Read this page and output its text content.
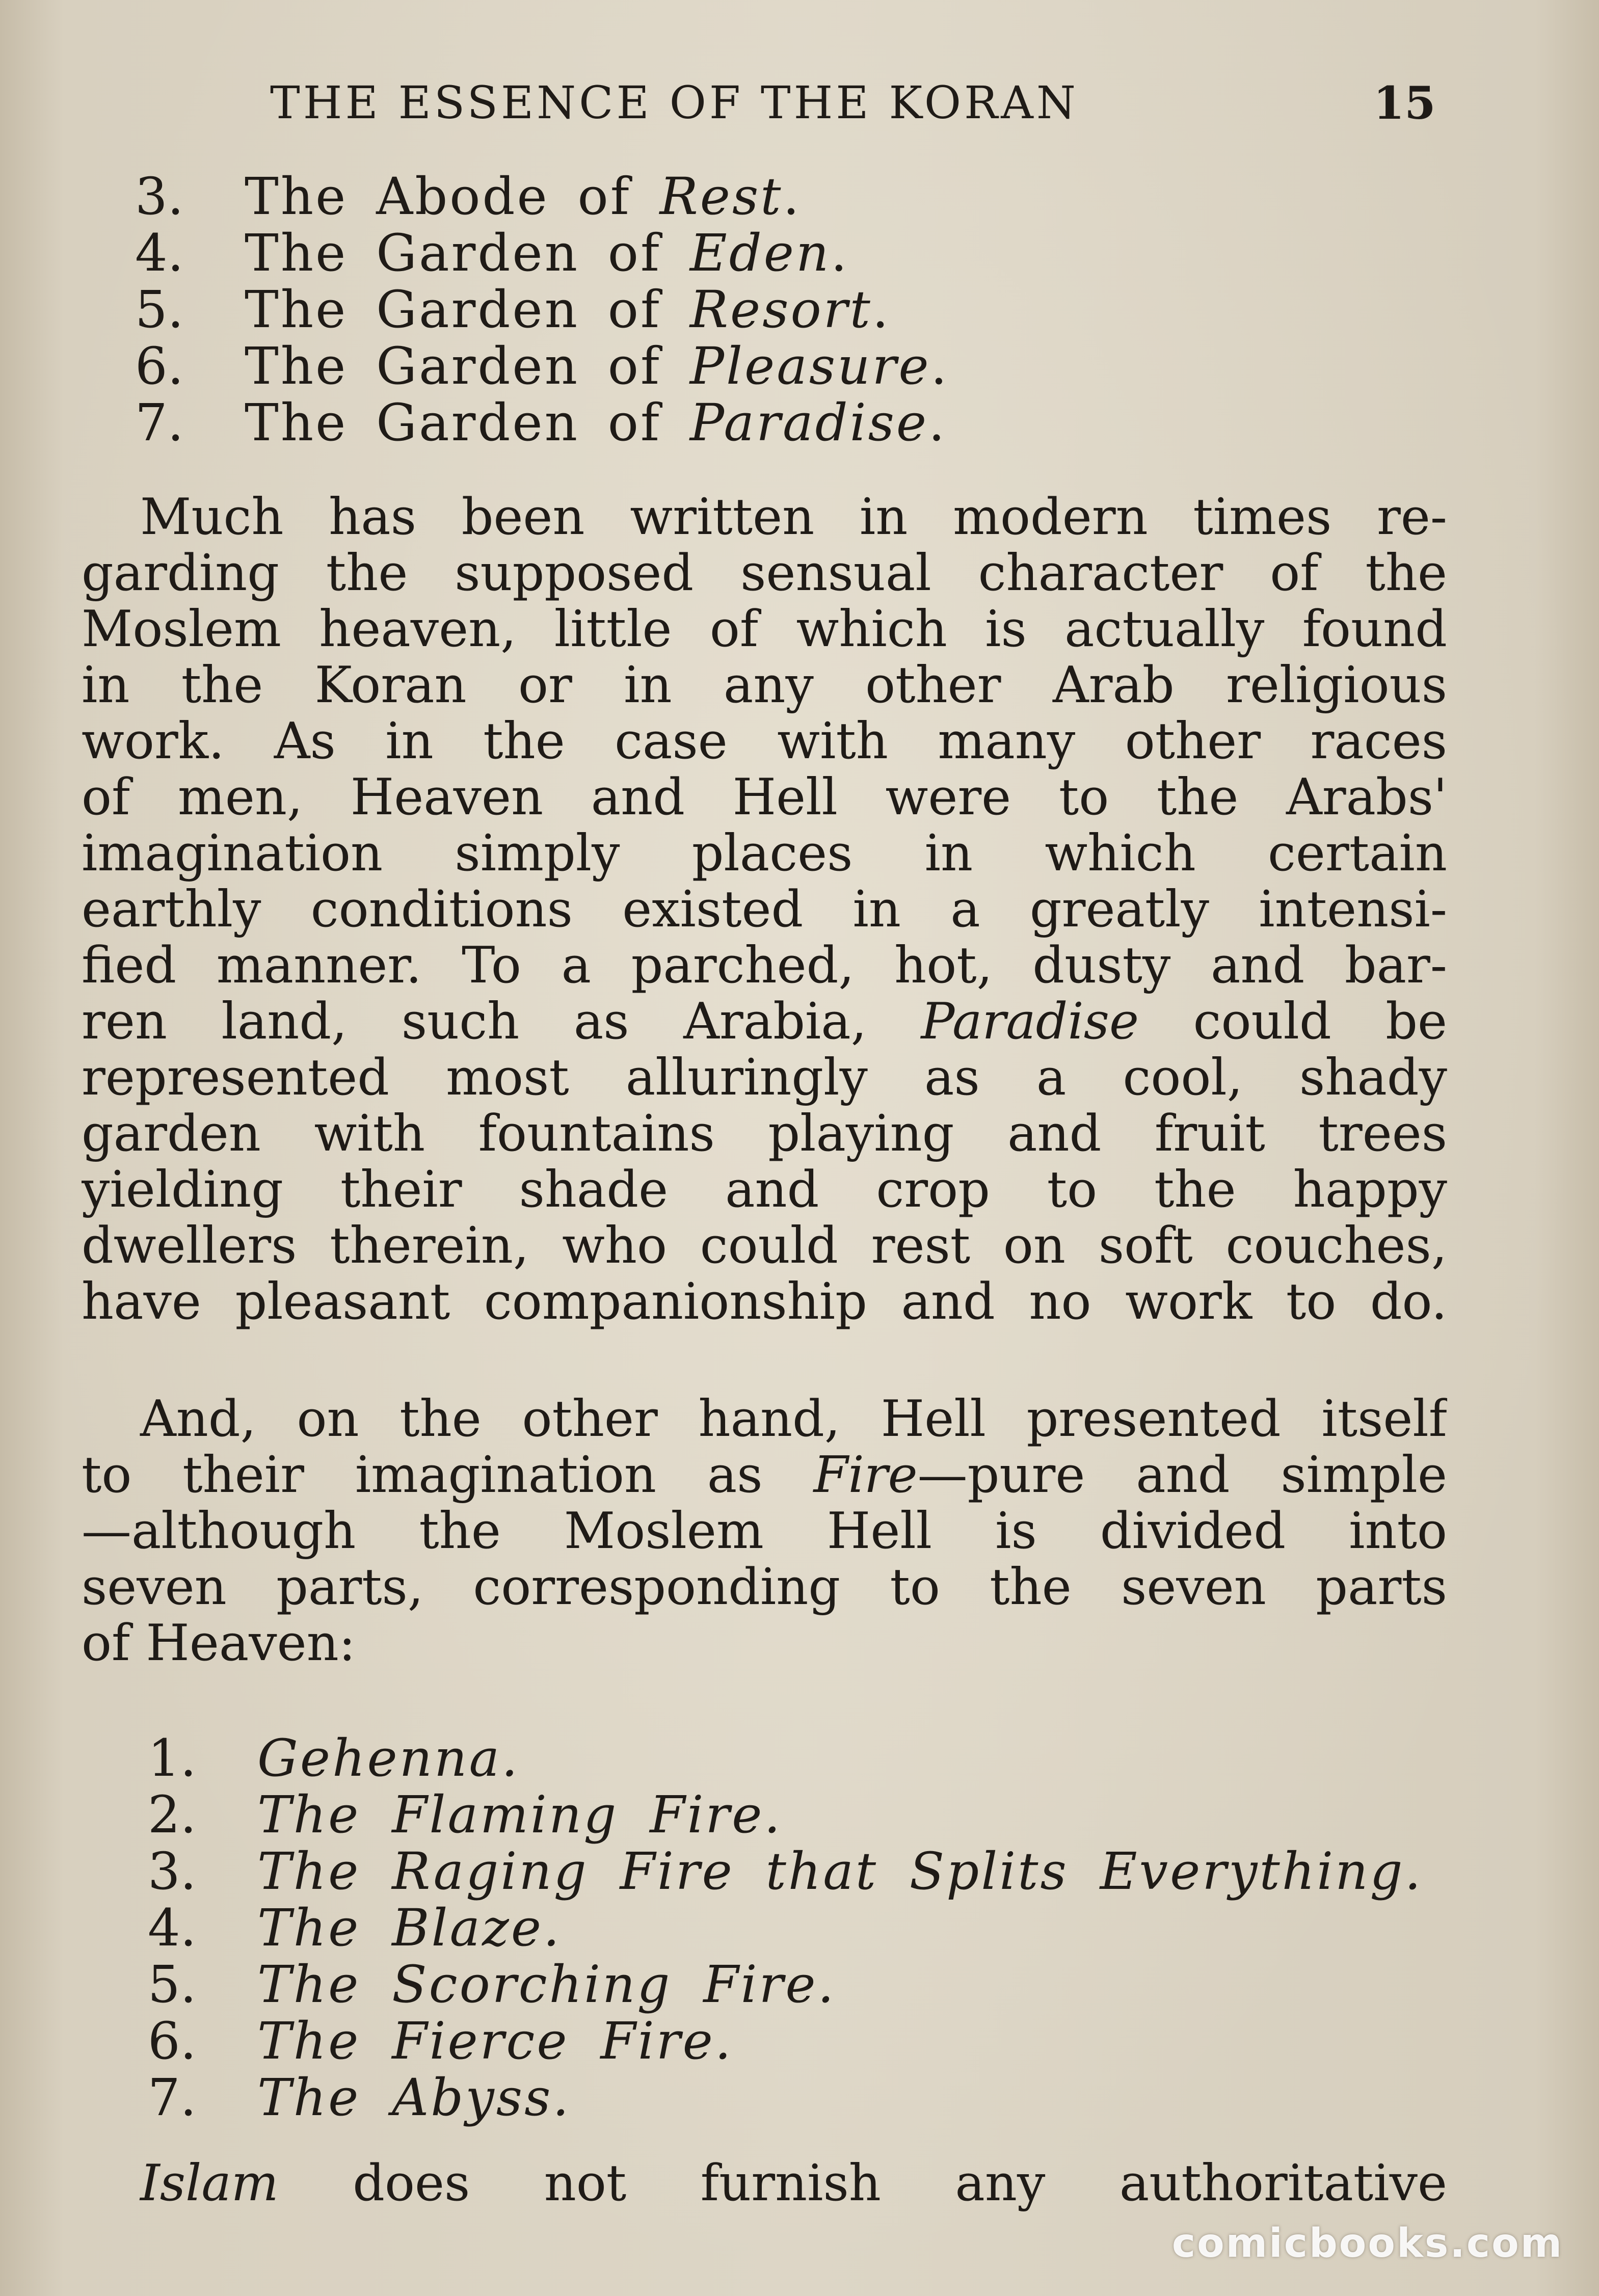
THE ESSENCE OF THE KORAN	15
3.	The Abode of Rest.
4.	The Garden of Eden.
5.	The Garden of Resort.
6.	The Garden of Pleasure.
7.	The Garden of Paradise.
Much has been written in modern times re-
garding the supposed sensual character of the
Moslem heaven, little of which is actually found
in the Koran or in any other Arab religious
work. As in the case with many other races
of men, Heaven and Hell were to the Arabs'
imagination simply places in which certain
earthly conditions existed in a greatly intensi-
fied manner. To a parched, hot, dusty and bar-
ren land, such as Arabia, Paradise could be
represented most alluringly as a cool, shady
garden with fountains playing and fruit trees
yielding their shade and crop to the happy
dwellers therein, who could rest on soft couches,
have pleasant companionship and no work to do.
And, on the other hand, Hell presented itself
to their imagination as Fire—pure and simple
—although the Moslem Hell is divided into
seven parts, corresponding to the seven parts
of Heaven:
1.	Gehenna.
2.	The Flaming Fire.
3.	The Raging Fire that Splits Everything.
4.	The Blaze.
5.	The Scorching Fire.
6.	The Fierce Fire.
7.	The Abyss.
Islam does not furnish any authoritative
comicbooks.com
